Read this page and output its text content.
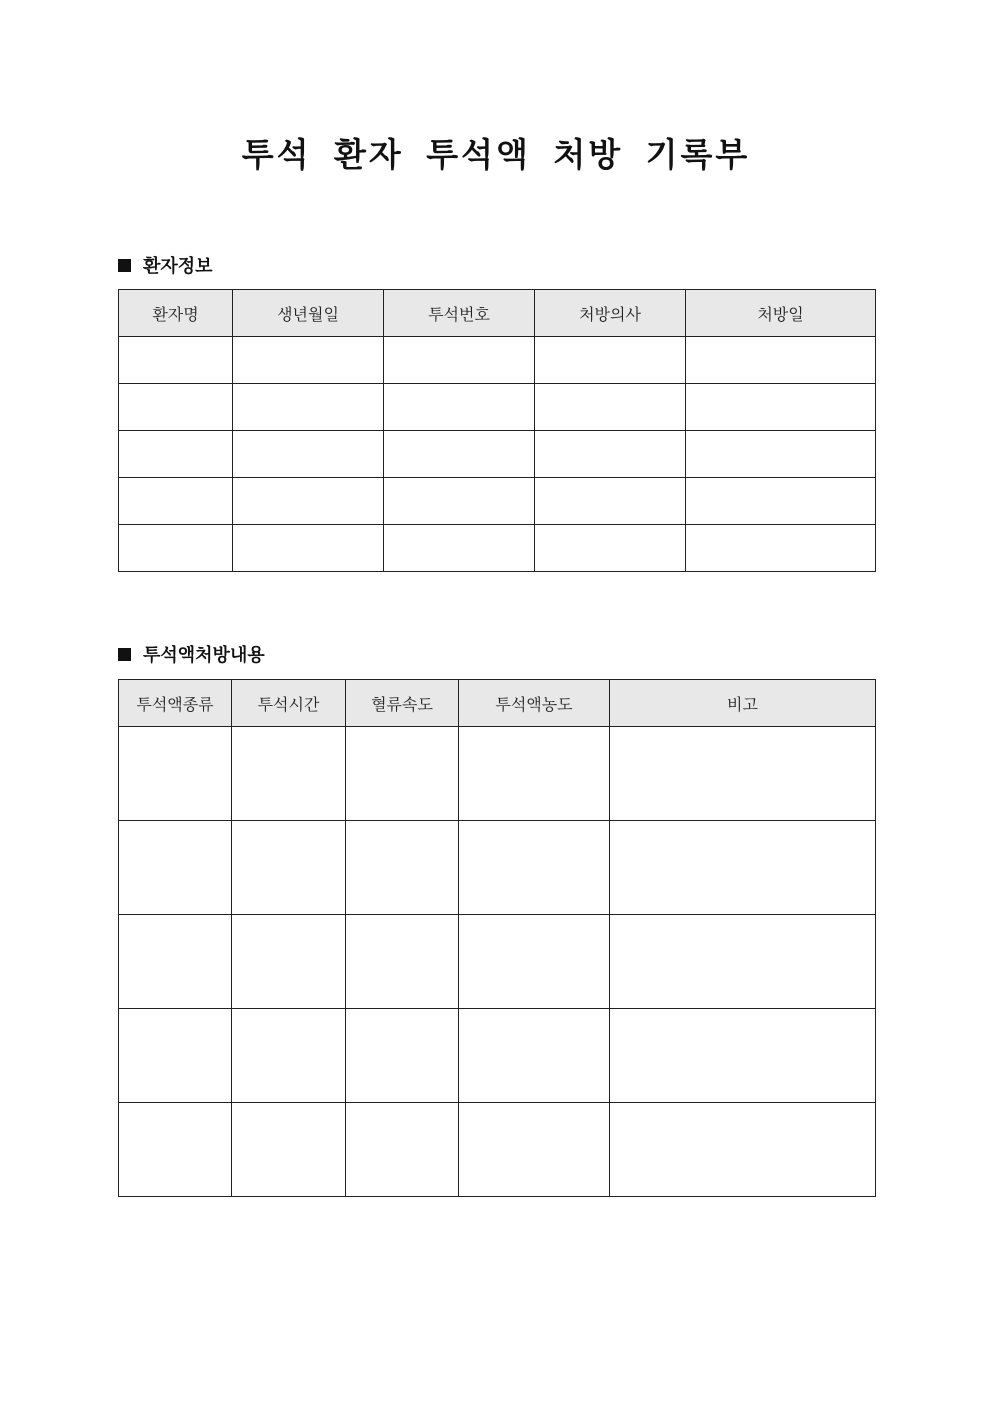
투석 환자 투석액 처방 기록부
환자정보
환자명	생년월일	투석번호	처방의사	처방일

투석액처방내용
투석액종류	투석시간	혈류속도	투석액농도	비고
